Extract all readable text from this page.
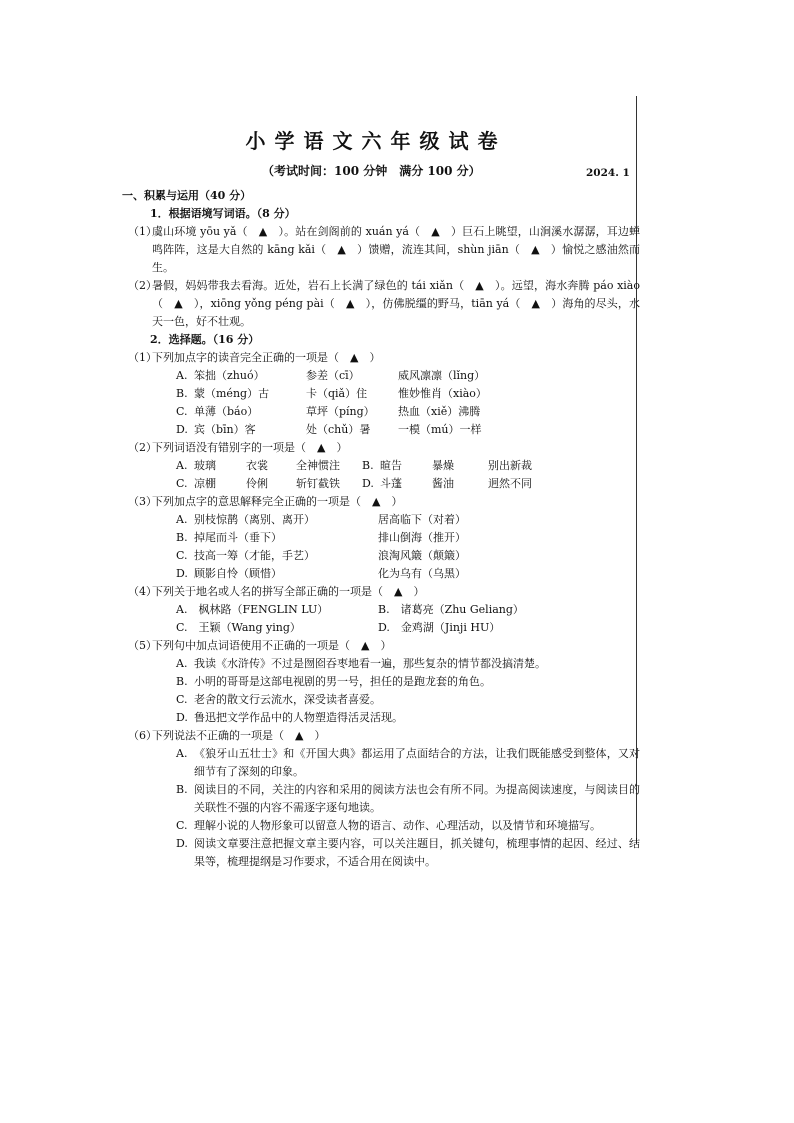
小学语文六年级试卷
（考试时间：100 分钟　满分 100 分）	2024. 1
一、积累与运用（40 分）
1．根据语境写词语。（8 分）
（1）
虞山环境 yōu yǎ（　▲　）。站在剑阁前的 xuán yá（　▲　）巨石上眺望，山涧溪水潺潺，耳边蝉鸣阵阵，这是大自然的 kāng kǎi（　▲　）馈赠，流连其间，shùn jiān（　▲　）愉悦之感油然而生。
（2）
暑假，妈妈带我去看海。近处，岩石上长满了绿色的 tái xiǎn（　▲　）。远望，海水奔腾 páo xiào（　▲　），xiōng yǒng péng pài（　▲　），仿佛脱缰的野马，tiān yá（　▲　）海角的尽头，水天一色，好不壮观。
2．选择题。（16 分）
（1）
下列加点字的读音完全正确的一项是（　▲　）
A. 笨拙（zhuó）	参差（cī）	威风凛凛（lǐng）
B. 蒙（méng）古	卡（qiǎ）住	惟妙惟肖（xiào）
C. 单薄（báo）	草坪（píng）	热血（xiě）沸腾
D. 宾（bīn）客	处（chǔ）暑	一模（mú）一样
（2）
下列词语没有错别字的一项是（　▲　）
A. 玻璃	衣裳	全神惯注	B. 暄告	暴燥	别出新裁
C. 凉棚	伶俐	斩钉截铁	D. 斗蓬	酱油	迥然不同
（3）
下列加点字的意思解释完全正确的一项是（　▲　）
A. 别枝惊鹊（离别、离开）	居高临下（对着）
B. 掉尾而斗（垂下）	排山倒海（推开）
C. 技高一筹（才能，手艺）	浪淘风簸（颠簸）
D. 顾影自怜（顾惜）	化为乌有（乌黑）
（4）
下列关于地名或人名的拼写全部正确的一项是（　▲　）
A.　枫林路（FENGLIN LU）	B.　诸葛亮（Zhu Geliang）
C.　王颖（Wang ying）	D.　金鸡湖（Jinji HU）
（5）
下列句中加点词语使用不正确的一项是（　▲　）
A. 我读《水浒传》不过是囫囵吞枣地看一遍，那些复杂的情节都没搞清楚。
B. 小明的哥哥是这部电视剧的男一号，担任的是跑龙套的角色。
C. 老舍的散文行云流水，深受读者喜爱。
D. 鲁迅把文学作品中的人物塑造得活灵活现。
（6）
下列说法不正确的一项是（　▲　）
A. 《狼牙山五壮士》和《开国大典》都运用了点面结合的方法，让我们既能感受到整体，又对细节有了深刻的印象。
B. 阅读目的不同，关注的内容和采用的阅读方法也会有所不同。为提高阅读速度，与阅读目的关联性不强的内容不需逐字逐句地读。
C. 理解小说的人物形象可以留意人物的语言、动作、心理活动，以及情节和环境描写。
D. 阅读文章要注意把握文章主要内容，可以关注题目，抓关键句，梳理事情的起因、经过、结果等，梳理提纲是习作要求，不适合用在阅读中。
